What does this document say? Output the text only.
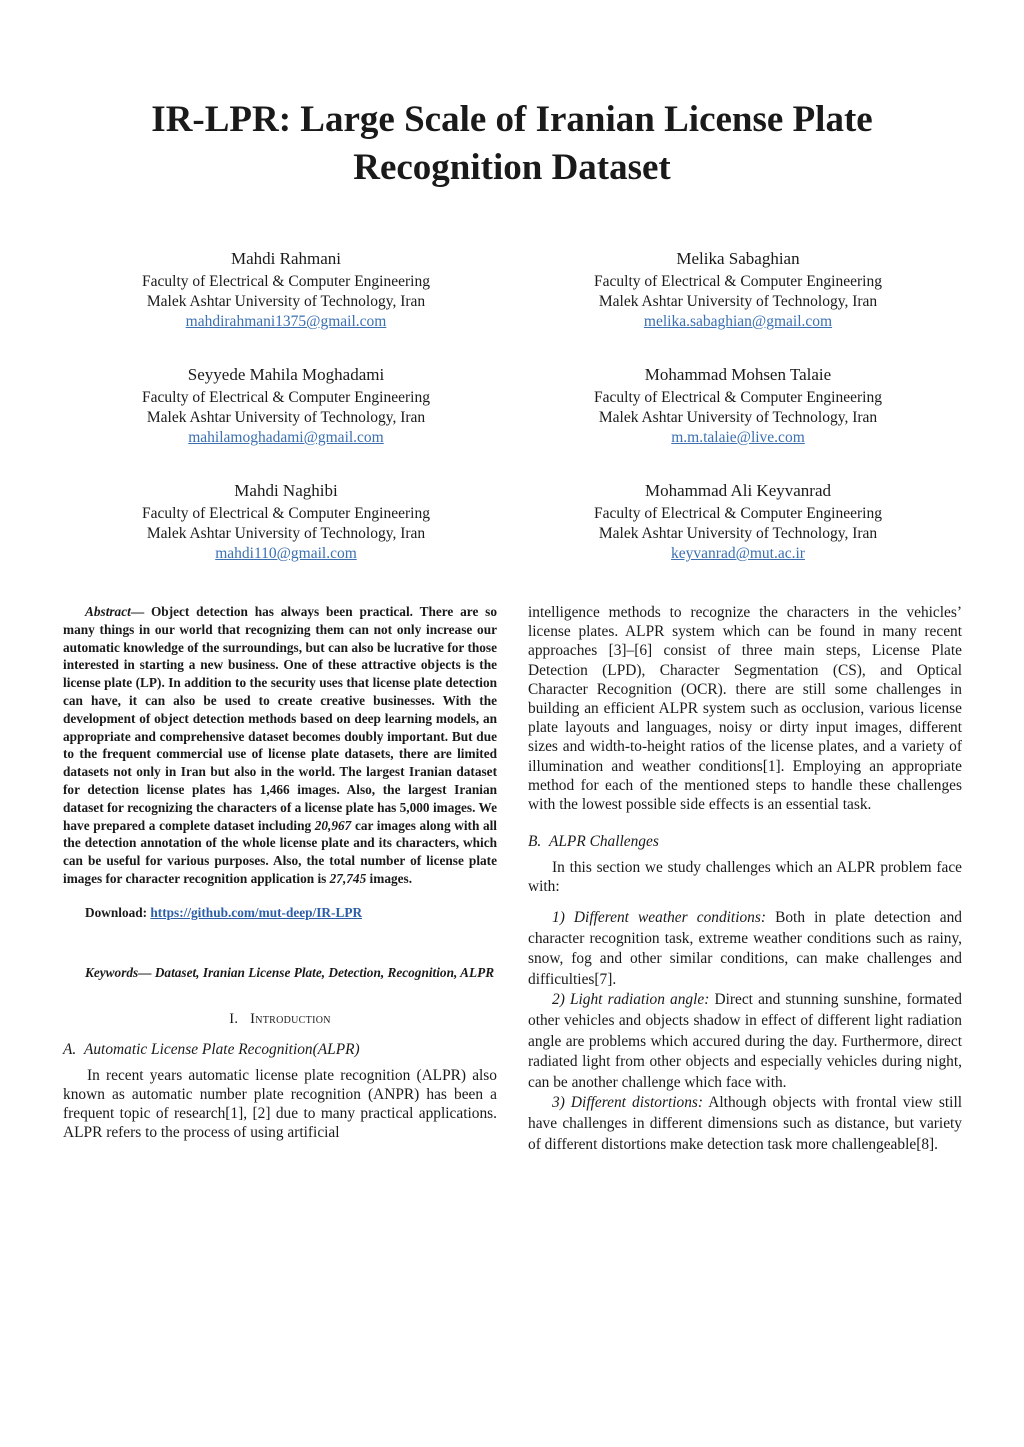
IR-LPR: Large Scale of Iranian License Plate Recognition Dataset
Mahdi Rahmani
Faculty of Electrical & Computer Engineering
Malek Ashtar University of Technology, Iran
mahdirahmani1375@gmail.com
Melika Sabaghian
Faculty of Electrical & Computer Engineering
Malek Ashtar University of Technology, Iran
melika.sabaghian@gmail.com
Seyyede Mahila Moghadami
Faculty of Electrical & Computer Engineering
Malek Ashtar University of Technology, Iran
mahilamoghadami@gmail.com
Mohammad Mohsen Talaie
Faculty of Electrical & Computer Engineering
Malek Ashtar University of Technology, Iran
m.m.talaie@live.com
Mahdi Naghibi
Faculty of Electrical & Computer Engineering
Malek Ashtar University of Technology, Iran
mahdi110@gmail.com
Mohammad Ali Keyvanrad
Faculty of Electrical & Computer Engineering
Malek Ashtar University of Technology, Iran
keyvanrad@mut.ac.ir

Abstract— Object detection has always been practical. There are so many things in our world that recognizing them can not only increase our automatic knowledge of the surroundings, but can also be lucrative for those interested in starting a new business. One of these attractive objects is the license plate (LP). In addition to the security uses that license plate detection can have, it can also be used to create creative businesses. With the development of object detection methods based on deep learning models, an appropriate and comprehensive dataset becomes doubly important. But due to the frequent commercial use of license plate datasets, there are limited datasets not only in Iran but also in the world. The largest Iranian dataset for detection license plates has 1,466 images. Also, the largest Iranian dataset for recognizing the characters of a license plate has 5,000 images. We have prepared a complete dataset including 20,967 car images along with all the detection annotation of the whole license plate and its characters, which can be useful for various purposes. Also, the total number of license plate images for character recognition application is 27,745 images.

Download: https://github.com/mut-deep/IR-LPR

Keywords— Dataset, Iranian License Plate, Detection, Recognition, ALPR

I. Introduction
A. Automatic License Plate Recognition(ALPR)

In recent years automatic license plate recognition (ALPR) also known as automatic number plate recognition (ANPR) has been a frequent topic of research[1], [2] due to many practical applications. ALPR refers to the process of using artificial

intelligence methods to recognize the characters in the vehicles’ license plates. ALPR system which can be found in many recent approaches [3]–[6] consist of three main steps, License Plate Detection (LPD), Character Segmentation (CS), and Optical Character Recognition (OCR). there are still some challenges in building an efficient ALPR system such as occlusion, various license plate layouts and languages, noisy or dirty input images, different sizes and width-to-height ratios of the license plates, and a variety of illumination and weather conditions[1]. Employing an appropriate method for each of the mentioned steps to handle these challenges with the lowest possible side effects is an essential task.

B. ALPR Challenges

In this section we study challenges which an ALPR problem face with:

1) Different weather conditions: Both in plate detection and character recognition task, extreme weather conditions such as rainy, snow, fog and other similar conditions, can make challenges and difficulties[7].

2) Light radiation angle: Direct and stunning sunshine, formated other vehicles and objects shadow in effect of different light radiation angle are problems which accured during the day. Furthermore, direct radiated light from other objects and especially vehicles during night, can be another challenge which face with.

3) Different distortions: Although objects with frontal view still have challenges in different dimensions such as distance, but variety of different distortions make detection task more challengeable[8].
